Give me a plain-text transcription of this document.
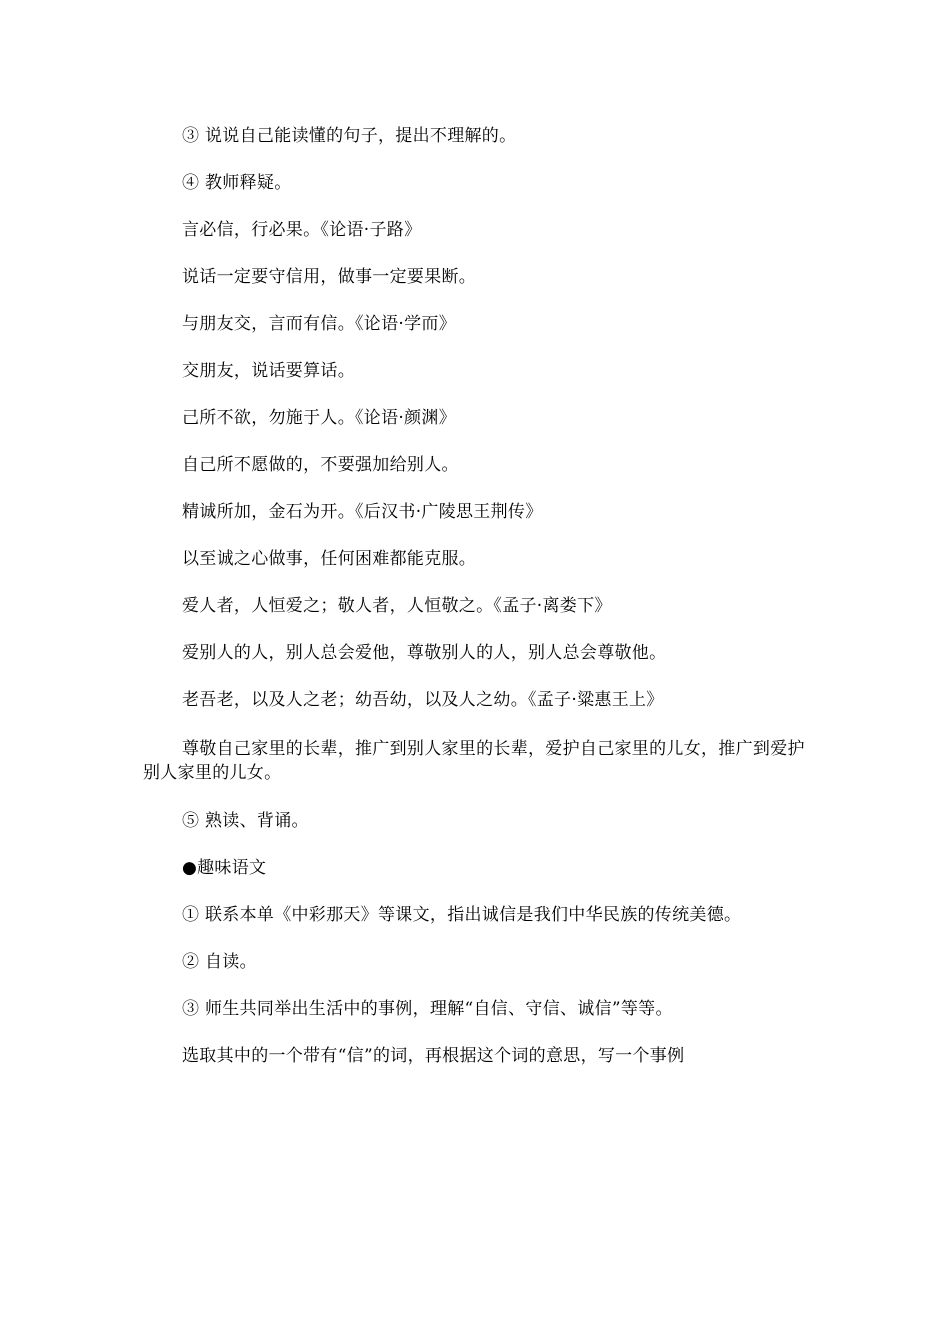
③ 说说自己能读懂的句子，提出不理解的。
④ 教师释疑。
言必信，行必果。《论语·子路》
说话一定要守信用，做事一定要果断。
与朋友交，言而有信。《论语·学而》
交朋友，说话要算话。
己所不欲，勿施于人。《论语·颜渊》
自己所不愿做的，不要强加给别人。
精诚所加，金石为开。《后汉书·广陵思王荆传》
以至诚之心做事，任何困难都能克服。
爱人者，人恒爱之；敬人者，人恒敬之。《孟子·离娄下》
爱别人的人，别人总会爱他，尊敬别人的人，别人总会尊敬他。
老吾老，以及人之老；幼吾幼，以及人之幼。《孟子·粱惠王上》
尊敬自己家里的长辈，推广到别人家里的长辈，爱护自己家里的儿女，推广到爱护别人家里的儿女。
⑤ 熟读、背诵。
●趣味语文
① 联系本单《中彩那天》等课文，指出诚信是我们中华民族的传统美德。
② 自读。
③ 师生共同举出生活中的事例，理解“自信、守信、诚信”等等。
选取其中的一个带有“信”的词，再根据这个词的意思，写一个事例
